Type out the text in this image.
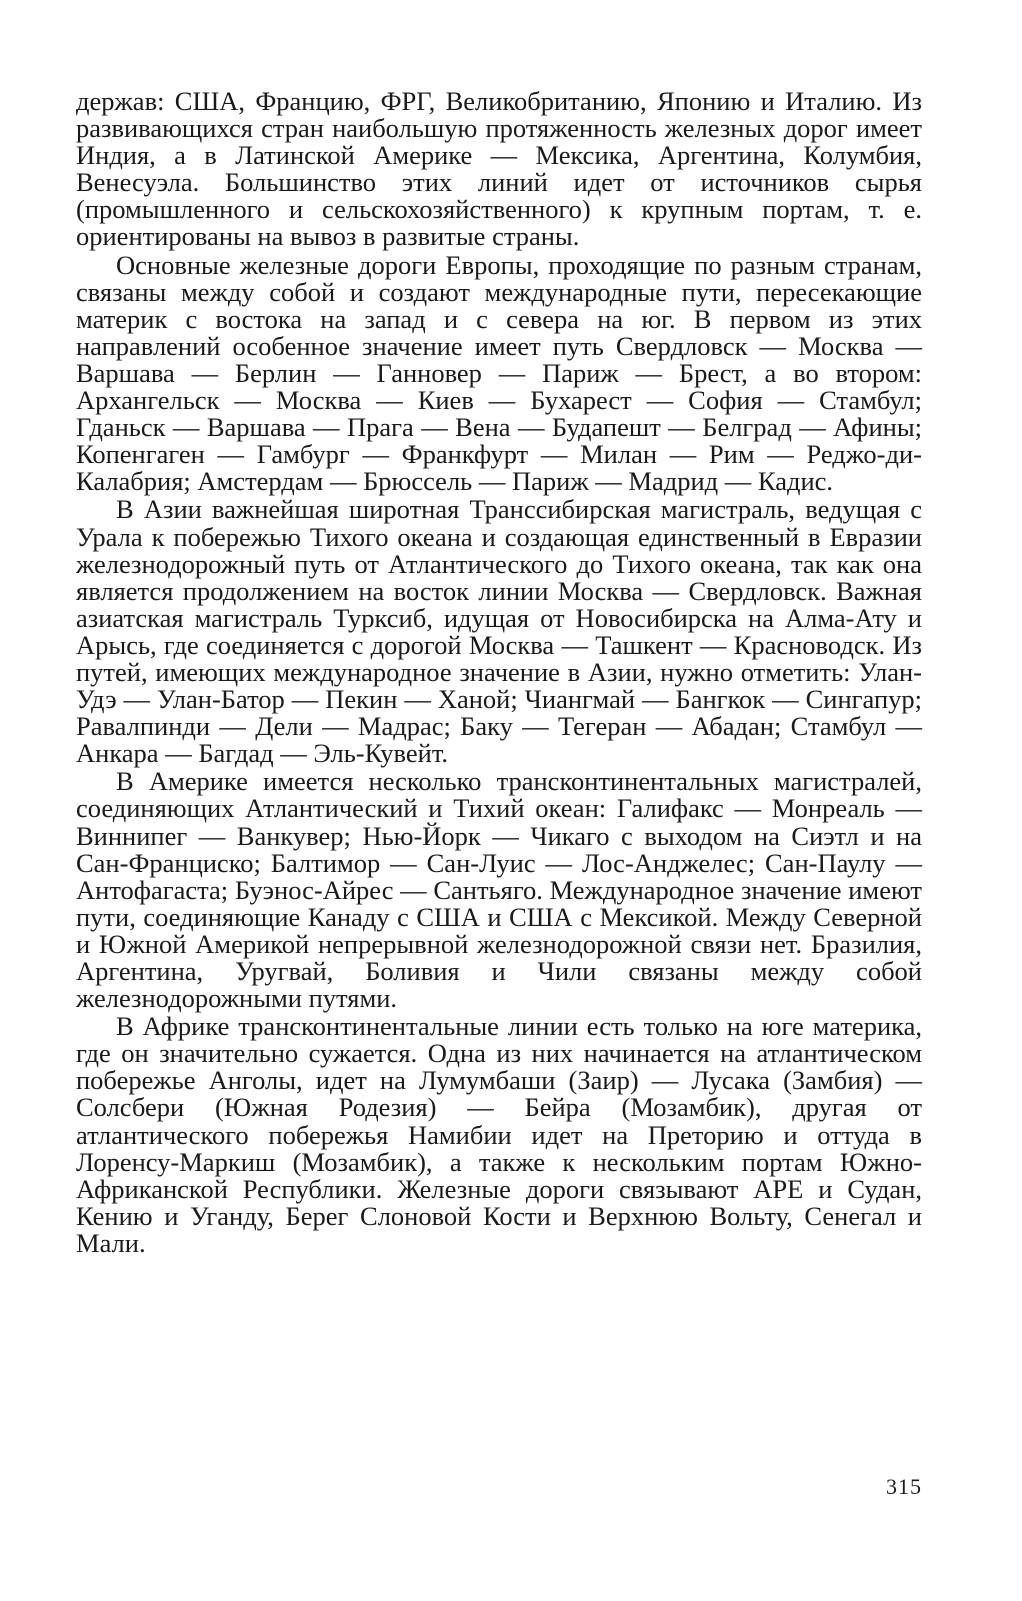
держав: США, Францию, ФРГ, Великобританию, Японию и Италию. Из развивающихся стран наибольшую протяженность железных дорог имеет Индия, а в Латинской Америке — Мексика, Аргентина, Колумбия, Венесуэла. Большинство этих линий идет от источников сырья (промышленного и сельскохозяйственного) к крупным портам, т. е. ориентированы на вывоз в развитые страны.

Основные железные дороги Европы, проходящие по разным странам, связаны между собой и создают международные пути, пересекающие материк с востока на запад и с севера на юг. В первом из этих направлений особенное значение имеет путь Свердловск — Москва — Варшава — Берлин — Ганновер — Париж — Брест, а во втором: Архангельск — Москва — Киев — Бухарест — София — Стамбул; Гданьск — Варшава — Прага — Вена — Будапешт — Белград — Афины; Копенгаген — Гамбург — Франкфурт — Милан — Рим — Реджо-ди-Калабрия; Амстердам — Брюссель — Париж — Мадрид — Кадис.

В Азии важнейшая широтная Транссибирская магистраль, ведущая с Урала к побережью Тихого океана и создающая единственный в Евразии железнодорожный путь от Атлантического до Тихого океана, так как она является продолжением на восток линии Москва — Свердловск. Важная азиатская магистраль Турксиб, идущая от Новосибирска на Алма-Ату и Арысь, где соединяется с дорогой Москва — Ташкент — Красноводск. Из путей, имеющих международное значение в Азии, нужно отметить: Улан-Удэ — Улан-Батор — Пекин — Ханой; Чиангмай — Бангкок — Сингапур; Равалпинди — Дели — Мадрас; Баку — Тегеран — Абадан; Стамбул — Анкара — Багдад — Эль-Кувейт.

В Америке имеется несколько трансконтинентальных магистралей, соединяющих Атлантический и Тихий океан: Галифакс — Монреаль — Виннипег — Ванкувер; Нью-Йорк — Чикаго с выходом на Сиэтл и на Сан-Франциско; Балтимор — Сан-Луис — Лос-Анджелес; Сан-Паулу — Антофагаста; Буэнос-Айрес — Сантьяго. Международное значение имеют пути, соединяющие Канаду с США и США с Мексикой. Между Северной и Южной Америкой непрерывной железнодорожной связи нет. Бразилия, Аргентина, Уругвай, Боливия и Чили связаны между собой железнодорожными путями.

В Африке трансконтинентальные линии есть только на юге материка, где он значительно сужается. Одна из них начинается на атлантическом побережье Анголы, идет на Лумумбаши (Заир) — Лусака (Замбия) — Солсбери (Южная Родезия) — Бейра (Мозамбик), другая от атлантического побережья Намибии идет на Преторию и оттуда в Лоренсу-Маркиш (Мозамбик), а также к нескольким портам Южно-Африканской Республики. Железные дороги связывают АРЕ и Судан, Кению и Уганду, Берег Слоновой Кости и Верхнюю Вольту, Сенегал и Мали.

315
